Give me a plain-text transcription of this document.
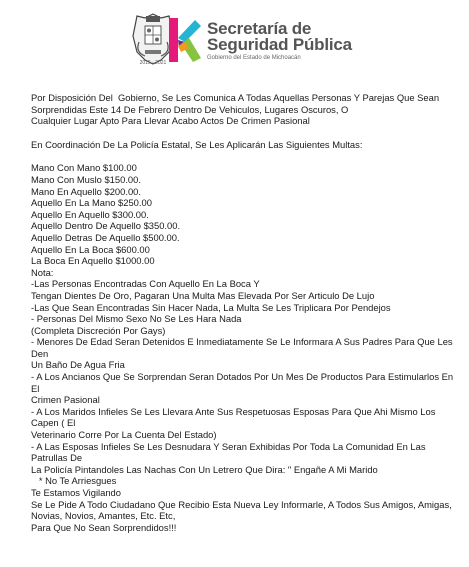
2015 - 2021
Secretaría de
Seguridad Pública
Gobierno del Estado de Michoacán

Por Disposición Del  Gobierno, Se Les Comunica A Todas Aquellas Personas Y Parejas Que Sean

Sorprendidas Este 14 De Febrero Dentro De Vehiculos, Lugares Oscuros, O

Cualquier Lugar Apto Para Llevar Acabo Actos De Crimen Pasional

En Coordinación De La Policía Estatal, Se Les Aplicarán Las Siguientes Multas:

Mano Con Mano $100.00

Mano Con Muslo $150.00.

Mano En Aquello $200.00.

Aquello En La Mano $250.00

Aquello En Aquello $300.00.

Aquello Dentro De Aquello $350.00.

Aquello Detras De Aquello $500.00.

Aquello En La Boca $600.00

La Boca En Aquello $1000.00

Nota:

-Las Personas Encontradas Con Aquello En La Boca Y

Tengan Dientes De Oro, Pagaran Una Multa Mas Elevada Por Ser Articulo De Lujo

-Las Que Sean Encontradas Sin Hacer Nada, La Multa Se Les Triplicara Por Pendejos

- Personas Del Mismo Sexo No Se Les Hara Nada

(Completa Discreción Por Gays)

- Menores De Edad Seran Detenidos E Inmediatamente Se Le Informara A Sus Padres Para Que Les Den

Un Baño De Agua Fria

- A Los Ancianos Que Se Sorprendan Seran Dotados Por Un Mes De Productos Para Estimularlos En El

Crimen Pasional

- A Los Maridos Infieles Se Les Llevara Ante Sus Respetuosas Esposas Para Que Ahi Mismo Los Capen ( El

Veterinario Corre Por La Cuenta Del Estado)

- A Las Esposas Infieles Se Les Desnudara Y Seran Exhibidas Por Toda La Comunidad En Las Patrullas De

La Policía Pintandoles Las Nachas Con Un Letrero Que Dira: " Engañe A Mi Marido

* No Te Arriesgues

Te Estamos Vigilando

Se Le Pide A Todo Ciudadano Que Recibio Esta Nueva Ley Informarle, A Todos Sus Amigos, Amigas,

Novias, Novios, Amantes, Etc. Etc,

Para Que No Sean Sorprendidos!!!
